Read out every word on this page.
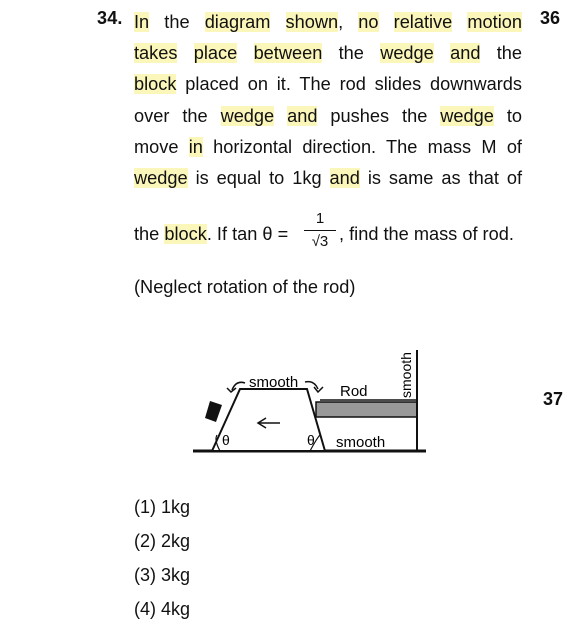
34. In the diagram shown, no relative motion
takes place between the wedge and the
block placed on it. The rod slides downwards
over the wedge and pushes the wedge to
move in horizontal direction. The mass M of
wedge is equal to 1kg and is same as that of
36
37
the block. If tan θ =
1
√3 , find the mass of rod.
(Neglect rotation of the rod)
smooth
Rod
smooth
θ	θ
smooth
(1) 1kg
(2) 2kg
(3) 3kg
(4) 4kg
